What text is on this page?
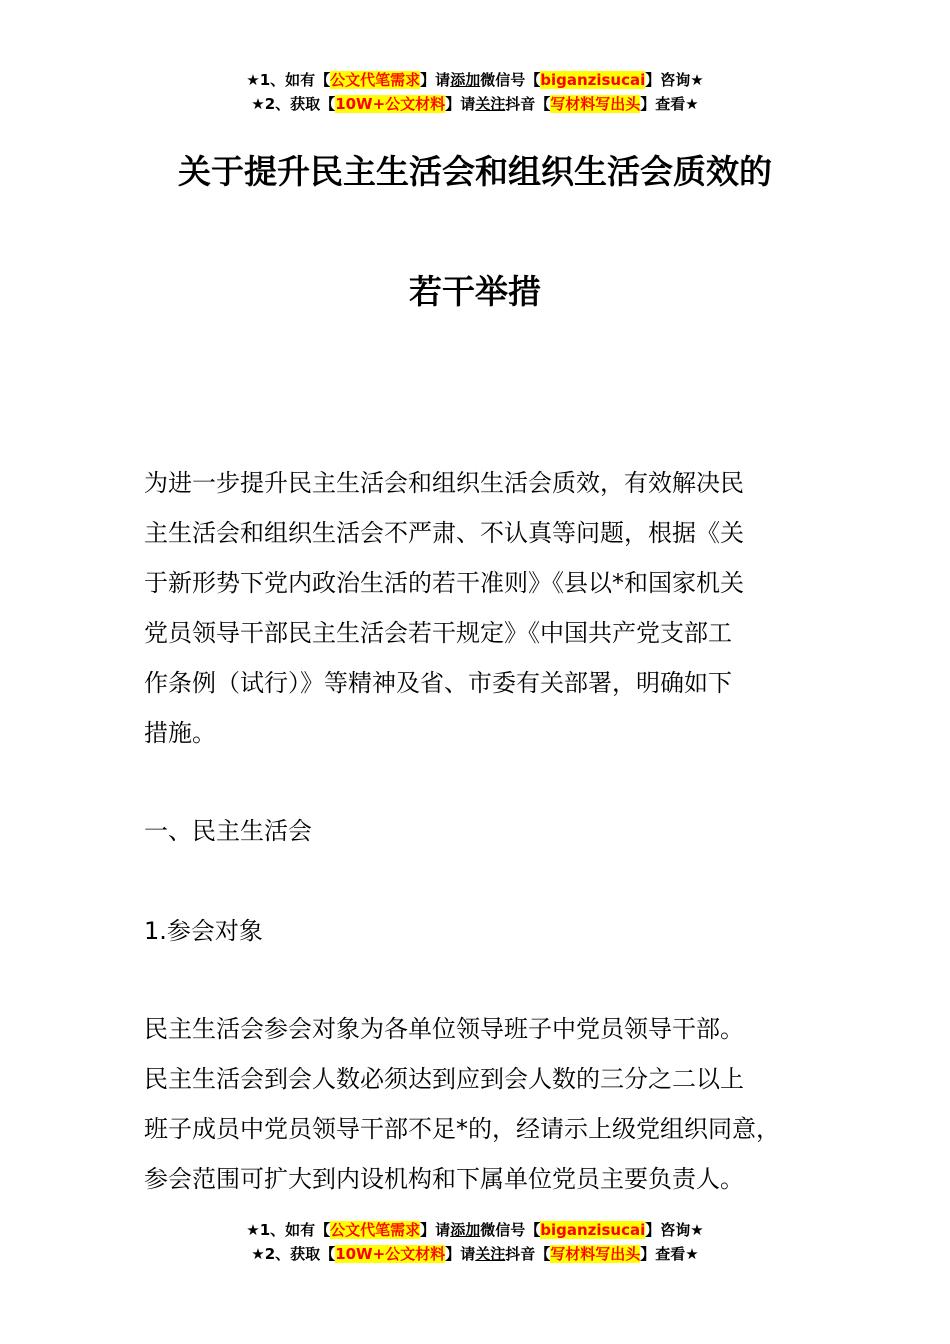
★1、如有【公文代笔需求】请添加微信号【biganzisucai】咨询★
★2、获取【10W+公文材料】请关注抖音【写材料写出头】查看★
关于提升民主生活会和组织生活会质效的
若干举措
为进一步提升民主生活会和组织生活会质效，有效解决民
主生活会和组织生活会不严肃、不认真等问题，根据《关
于新形势下党内政治生活的若干准则》《县以*和国家机关
党员领导干部民主生活会若干规定》《中国共产党支部工
作条例（试行）》等精神及省、市委有关部署，明确如下
措施。
一、民主生活会
1.参会对象
民主生活会参会对象为各单位领导班子中党员领导干部。
民主生活会到会人数必须达到应到会人数的三分之二以上
班子成员中党员领导干部不足*的，经请示上级党组织同意，
参会范围可扩大到内设机构和下属单位党员主要负责人。
★1、如有【公文代笔需求】请添加微信号【biganzisucai】咨询★
★2、获取【10W+公文材料】请关注抖音【写材料写出头】查看★
